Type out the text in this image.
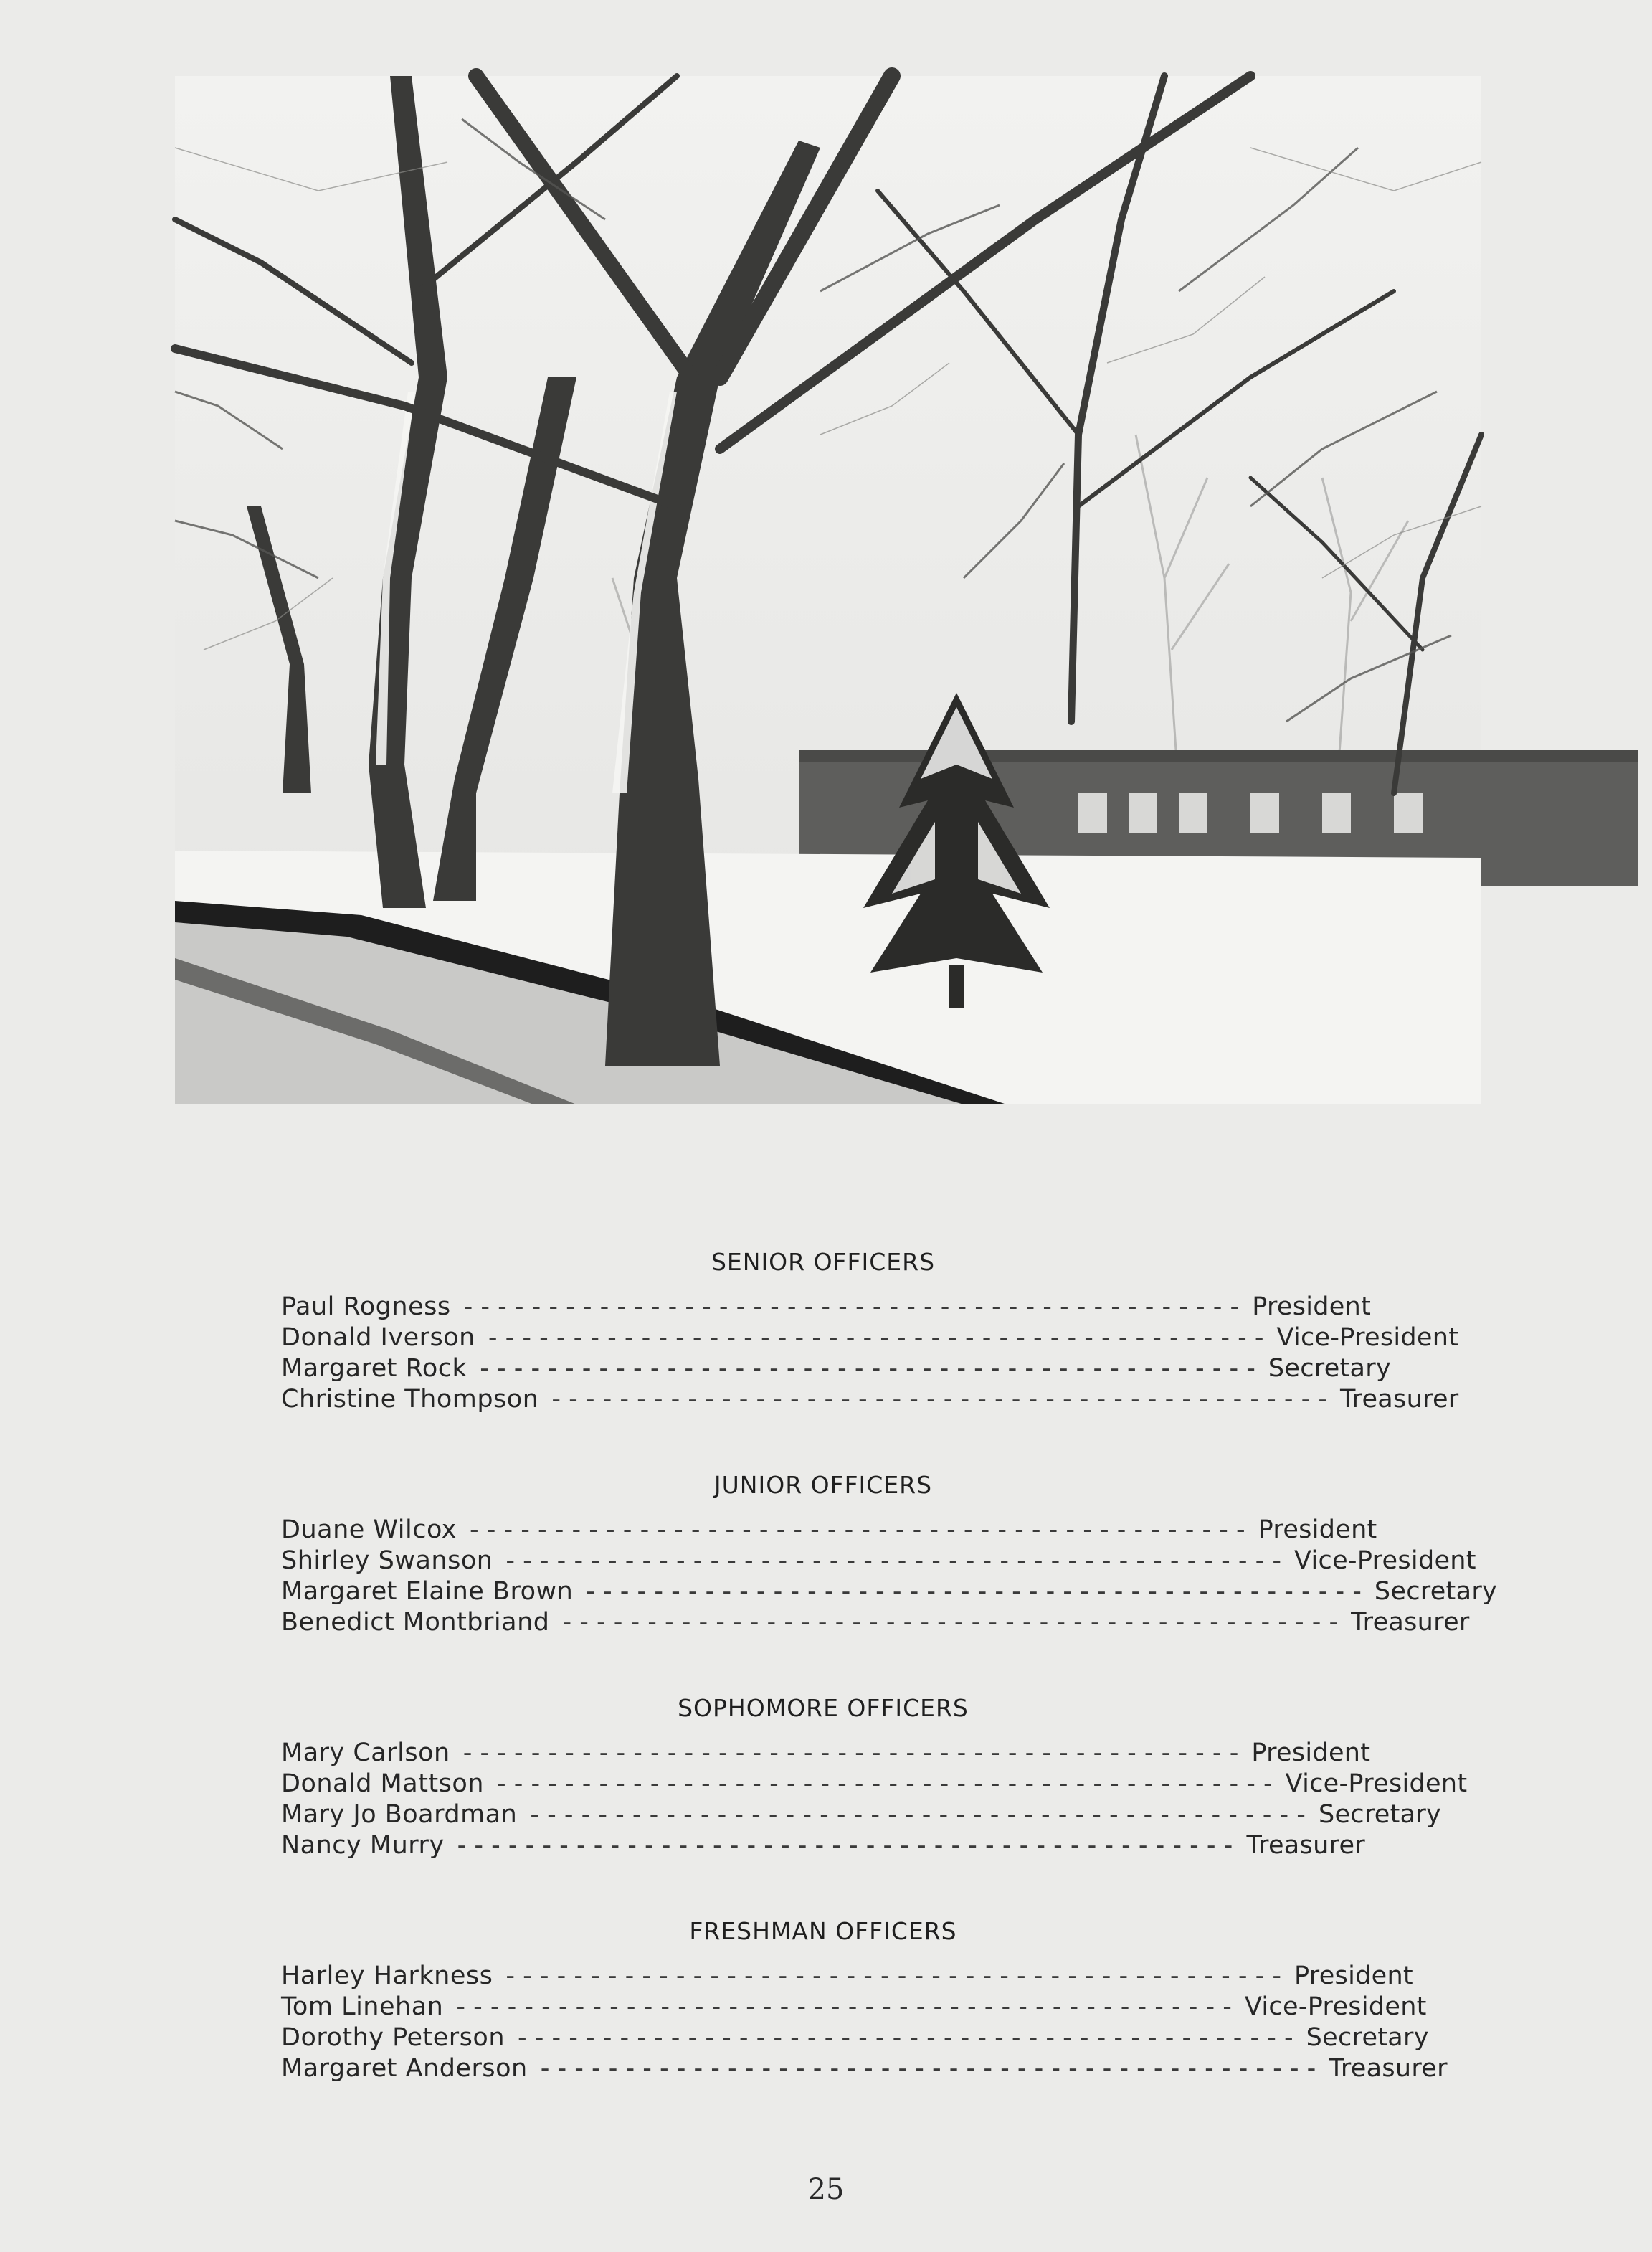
SENIOR OFFICERS
Paul Rogness - - - - - - - - - - - - - - - - - - - - - - - - - - - - - - - - - - - - - - - - - - - - - - President
Donald Iverson - - - - - - - - - - - - - - - - - - - - - - - - - - - - - - - - - - - - - - - - - - - - - - Vice-President
Margaret Rock - - - - - - - - - - - - - - - - - - - - - - - - - - - - - - - - - - - - - - - - - - - - - - Secretary
Christine Thompson - - - - - - - - - - - - - - - - - - - - - - - - - - - - - - - - - - - - - - - - - - - - - - Treasurer
JUNIOR OFFICERS
Duane Wilcox - - - - - - - - - - - - - - - - - - - - - - - - - - - - - - - - - - - - - - - - - - - - - - President
Shirley Swanson - - - - - - - - - - - - - - - - - - - - - - - - - - - - - - - - - - - - - - - - - - - - - - Vice-President
Margaret Elaine Brown - - - - - - - - - - - - - - - - - - - - - - - - - - - - - - - - - - - - - - - - - - - - - - Secretary
Benedict Montbriand - - - - - - - - - - - - - - - - - - - - - - - - - - - - - - - - - - - - - - - - - - - - - - Treasurer
SOPHOMORE OFFICERS
Mary Carlson - - - - - - - - - - - - - - - - - - - - - - - - - - - - - - - - - - - - - - - - - - - - - - President
Donald Mattson - - - - - - - - - - - - - - - - - - - - - - - - - - - - - - - - - - - - - - - - - - - - - - Vice-President
Mary Jo Boardman - - - - - - - - - - - - - - - - - - - - - - - - - - - - - - - - - - - - - - - - - - - - - - Secretary
Nancy Murry - - - - - - - - - - - - - - - - - - - - - - - - - - - - - - - - - - - - - - - - - - - - - - Treasurer
FRESHMAN OFFICERS
Harley Harkness - - - - - - - - - - - - - - - - - - - - - - - - - - - - - - - - - - - - - - - - - - - - - - President
Tom Linehan - - - - - - - - - - - - - - - - - - - - - - - - - - - - - - - - - - - - - - - - - - - - - - Vice-President
Dorothy Peterson - - - - - - - - - - - - - - - - - - - - - - - - - - - - - - - - - - - - - - - - - - - - - - Secretary
Margaret Anderson - - - - - - - - - - - - - - - - - - - - - - - - - - - - - - - - - - - - - - - - - - - - - - Treasurer
25
